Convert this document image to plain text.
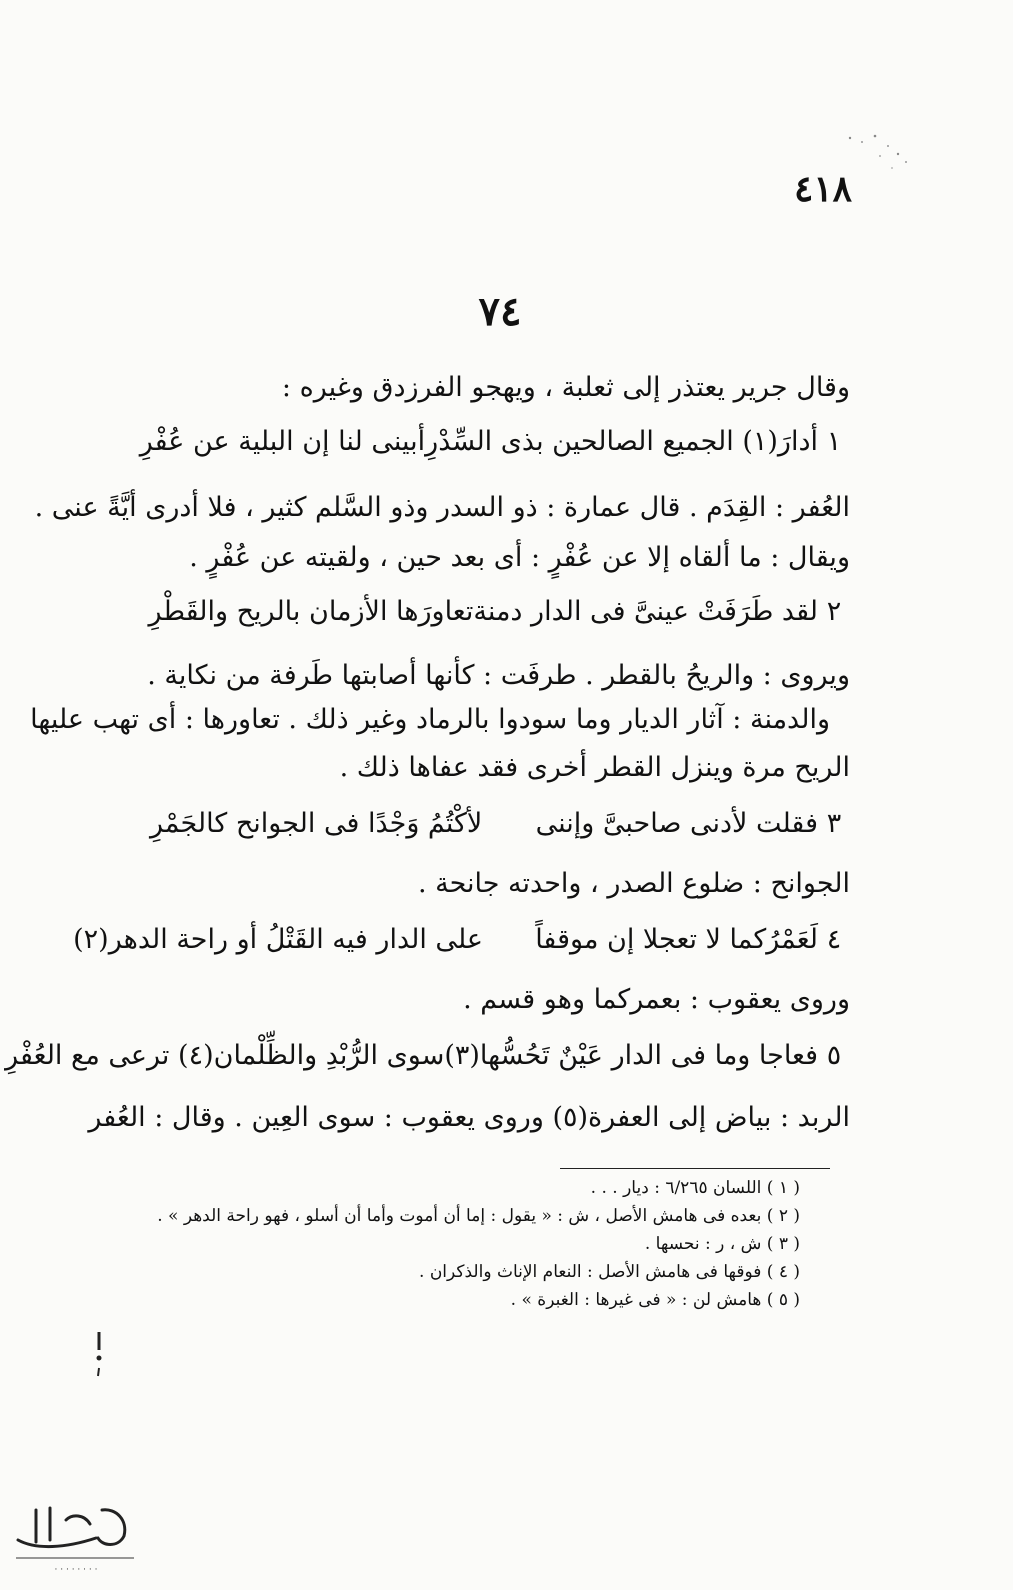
٤١٨
٧٤
وقال جرير يعتذر إلى ثعلبة ، ويهجو الفرزدق وغيره :
١
أدارَ(١) الجميع الصالحين بذى السِّدْرِ
أبينى لنا إن البلية عن عُفْرِ
العُفر : القِدَم . قال عمارة : ذو السدر وذو السَّلم كثير ، فلا أدرى أيَّةً عنى .
ويقال : ما ألقاه إلا عن عُفْرٍ : أى بعد حين ، ولقيته عن عُفْرٍ .
٢
لقد طَرَفَتْ عينىَّ فى الدار دمنة
تعاورَها الأزمان بالريح والقَطْرِ
ويروى : والريحُ بالقطر . طرفَت : كأنها أصابتها طَرفة من نكاية .
والدمنة : آثار الديار وما سودوا بالرماد وغير ذلك . تعاورها : أى تهب عليها
الريح مرة وينزل القطر أخرى فقد عفاها ذلك .
٣
فقلت لأدنى صاحبىَّ وإننى
لأكْتُمُ وَجْدًا فى الجوانح كالجَمْرِ
الجوانح : ضلوع الصدر ، واحدته جانحة .
٤
لَعَمْرُكما لا تعجلا إن موقفاً
على الدار فيه القَتْلُ أو راحة الدهر(٢)
وروى يعقوب : بعمركما وهو قسم .
٥
فعاجا وما فى الدار عَيْنٌ تَحُسُّها(٣)
سوى الرُّبْدِ والظِّلْمان(٤) ترعى مع العُفْرِ
الربد : بياض إلى العفرة(٥) وروى يعقوب : سوى العِين . وقال : العُفر
( ١ ) اللسان ٦/٢٦٥ : ديار . . .
( ٢ ) بعده فى هامش الأصل ، ش : « يقول : إما أن أموت وأما أن أسلو ، فهو راحة الدهر » .
( ٣ ) ش ، ر : نحسها .
( ٤ ) فوقها فى هامش الأصل : النعام الإناث والذكران .
( ٥ ) هامش لن : « فى غيرها : الغبرة » .
· · · · · · · ·
